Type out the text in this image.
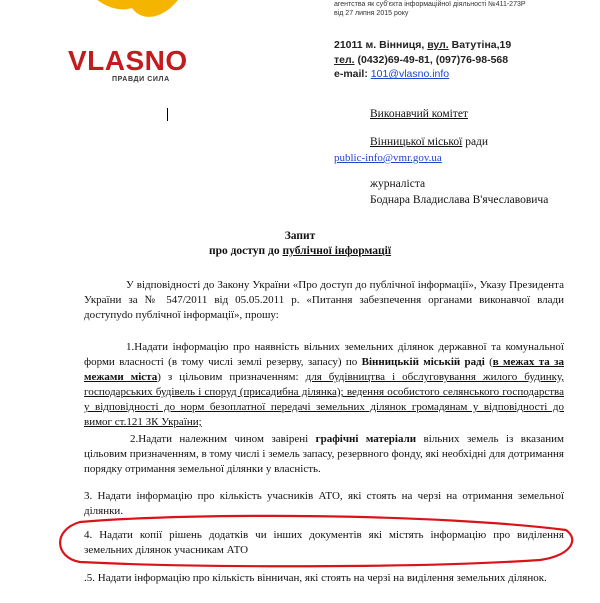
VLASNO
ПРАВДИ СИЛА
агентства як суб'єкта інформаційної діяльності №411-273Р
від 27 липня 2015 року
21011 м. Вінниця, вул. Ватутіна,19
тел. (0432)69-49-81, (097)76-98-568
e-mail: 101@vlasno.info
Виконавчий комітет
Вінницької міської ради
public-info@vmr.gov.ua
журналіста
Боднара Владислава В'ячеславовича
Запит
про доступ до публічної інформації
У відповідності до Закону України «Про доступ до публічної інформації», Указу Президента України за № 547/2011 від 05.05.2011 р. «Питання забезпечення органами виконавчої влади доступуdo публічної інформації», прошу:
1.Надати інформацію про наявність вільних земельних ділянок державної та комунальної форми власності (в тому числі землі резерву, запасу) по Вінницькій міській раді (в межах та за межами міста) з цільовим призначенням: для будівництва і обслуговування жилого будинку, господарських будівель і споруд (присадибна ділянка); ведення особистого селянського господарства у відповідності до норм безоплатної передачі земельних ділянок громадянам у відповідності до вимог ст.121 ЗК України;
2.Надати належним чином завірені графічні матеріали вільних земель із вказаним цільовим призначенням, в тому числі і земель запасу, резервного фонду, які необхідні для дотримання порядку отримання земельної ділянки у власність.
3. Надати інформацію про кількість учасників АТО, які стоять на черзі на отримання земельної ділянки.
4. Надати копії рішень додатків чи інших документів які містять інформацію про виділення земельних ділянок учасникам АТО
.5. Надати інформацію про кількість вінничан, які стоять на черзі на виділення земельних ділянок.
